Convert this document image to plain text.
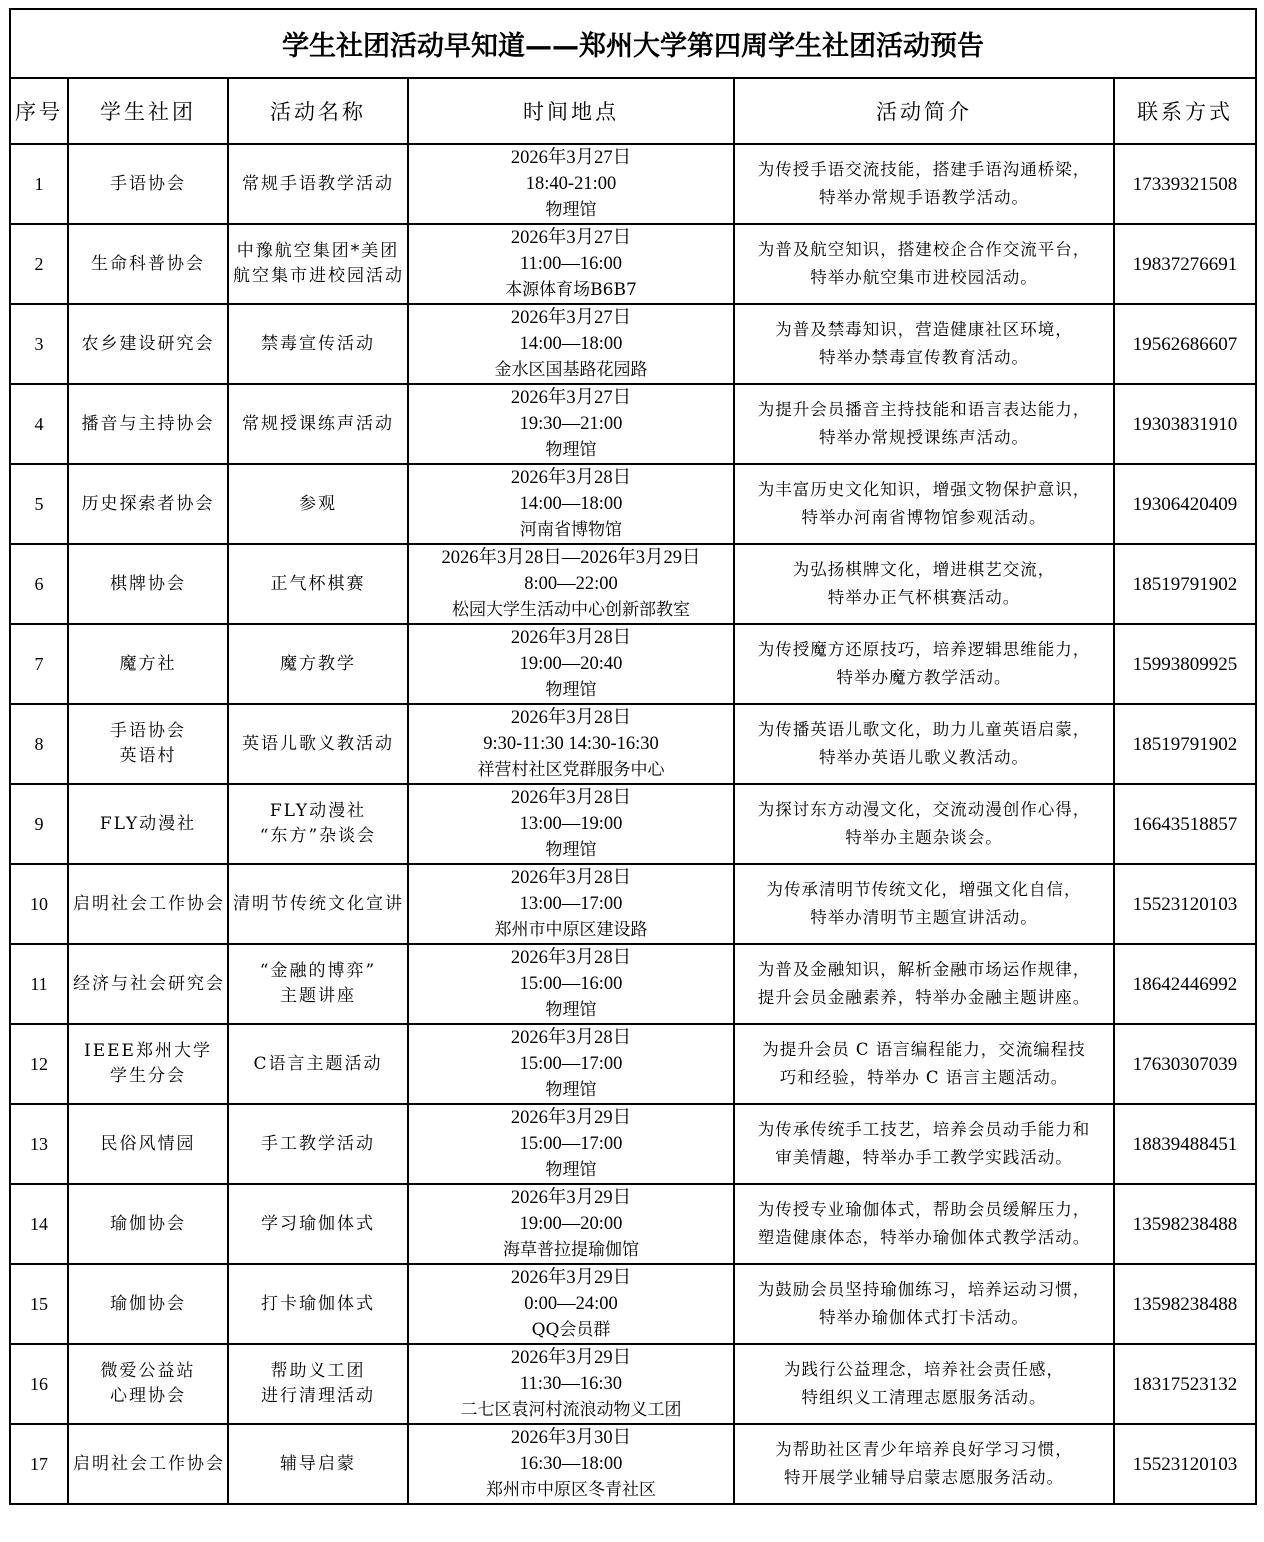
学生社团活动早知道——郑州大学第四周学生社团活动预告					
序号	学生社团	活动名称	时间地点	活动简介	联系方式
1	手语协会	常规手语教学活动	2026年3月27日
18:40-21:00
物理馆	为传授手语交流技能，搭建手语沟通桥梁，
特举办常规手语教学活动。	17339321508
2	生命科普协会	中豫航空集团*美团
航空集市进校园活动	2026年3月27日
11:00—16:00
本源体育场B6B7	为普及航空知识，搭建校企合作交流平台，
特举办航空集市进校园活动。	19837276691
3	农乡建设研究会	禁毒宣传活动	2026年3月27日
14:00—18:00
金水区国基路花园路	为普及禁毒知识，营造健康社区环境，
特举办禁毒宣传教育活动。	19562686607
4	播音与主持协会	常规授课练声活动	2026年3月27日
19:30—21:00
物理馆	为提升会员播音主持技能和语言表达能力，
特举办常规授课练声活动。	19303831910
5	历史探索者协会	参观	2026年3月28日
14:00—18:00
河南省博物馆	为丰富历史文化知识，增强文物保护意识，
特举办河南省博物馆参观活动。	19306420409
6	棋牌协会	正气杯棋赛	2026年3月28日—2026年3月29日
8:00—22:00
松园大学生活动中心创新部教室	为弘扬棋牌文化，增进棋艺交流，
特举办正气杯棋赛活动。	18519791902
7	魔方社	魔方教学	2026年3月28日
19:00—20:40
物理馆	为传授魔方还原技巧，培养逻辑思维能力，
特举办魔方教学活动。	15993809925
8	手语协会
英语村	英语儿歌义教活动	2026年3月28日
9:30-11:30 14:30-16:30
祥营村社区党群服务中心	为传播英语儿歌文化，助力儿童英语启蒙，
特举办英语儿歌义教活动。	18519791902
9	FLY动漫社	FLY动漫社
“东方”杂谈会	2026年3月28日
13:00—19:00
物理馆	为探讨东方动漫文化，交流动漫创作心得，
特举办主题杂谈会。	16643518857
10	启明社会工作协会	清明节传统文化宣讲	2026年3月28日
13:00—17:00
郑州市中原区建设路	为传承清明节传统文化，增强文化自信，
特举办清明节主题宣讲活动。	15523120103
11	经济与社会研究会	“金融的博弈”
主题讲座	2026年3月28日
15:00—16:00
物理馆	为普及金融知识，解析金融市场运作规律，
提升会员金融素养，特举办金融主题讲座。	18642446992
12	IEEE郑州大学
学生分会	C语言主题活动	2026年3月28日
15:00—17:00
物理馆	为提升会员 C 语言编程能力，交流编程技
巧和经验，特举办 C 语言主题活动。	17630307039
13	民俗风情园	手工教学活动	2026年3月29日
15:00—17:00
物理馆	为传承传统手工技艺，培养会员动手能力和
审美情趣，特举办手工教学实践活动。	18839488451
14	瑜伽协会	学习瑜伽体式	2026年3月29日
19:00—20:00
海草普拉提瑜伽馆	为传授专业瑜伽体式，帮助会员缓解压力，
塑造健康体态，特举办瑜伽体式教学活动。	13598238488
15	瑜伽协会	打卡瑜伽体式	2026年3月29日
0:00—24:00
QQ会员群	为鼓励会员坚持瑜伽练习，培养运动习惯，
特举办瑜伽体式打卡活动。	13598238488
16	微爱公益站
心理协会	帮助义工团
进行清理活动	2026年3月29日
11:30—16:30
二七区袁河村流浪动物义工团	为践行公益理念，培养社会责任感，
特组织义工清理志愿服务活动。	18317523132
17	启明社会工作协会	辅导启蒙	2026年3月30日
16:30—18:00
郑州市中原区冬青社区	为帮助社区青少年培养良好学习习惯，
特开展学业辅导启蒙志愿服务活动。	15523120103
